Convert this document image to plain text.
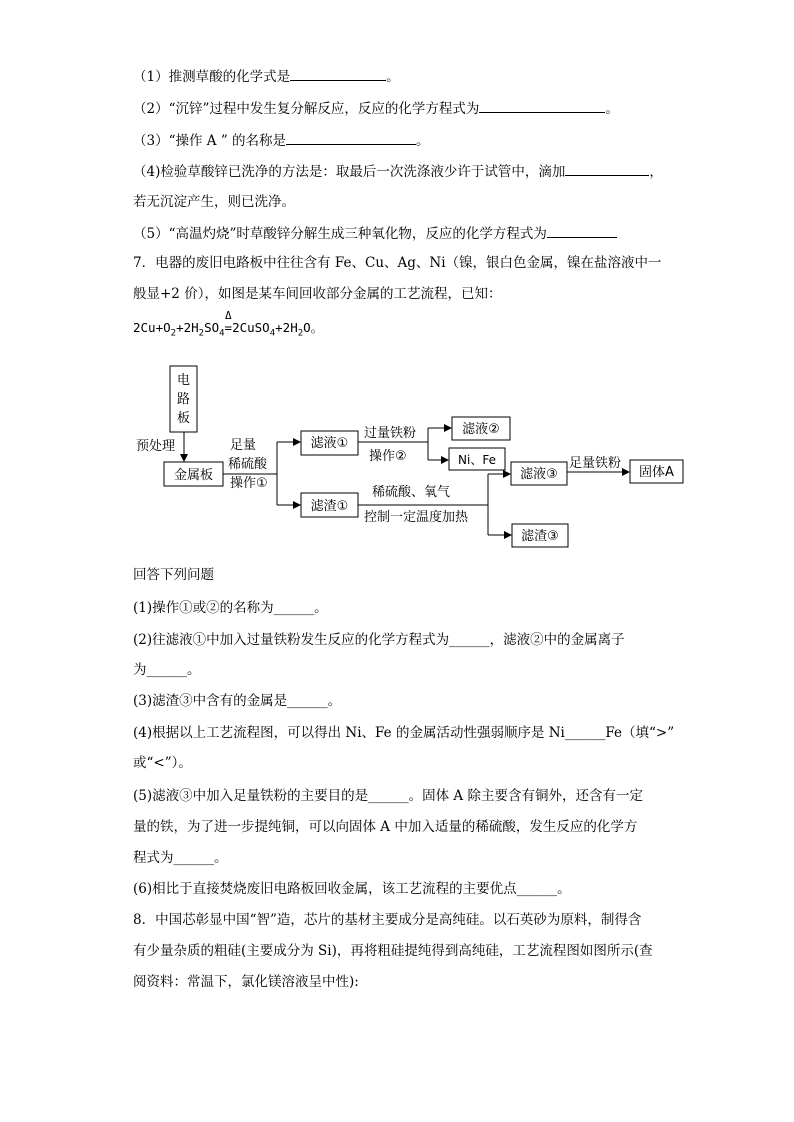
（1）推测草酸的化学式是	。
（2）“沉锌”过程中发生复分解反应，反应的化学方程式为	。
（3）“操作 A ” 的名称是	。
（4)检验草酸锌已洗净的方法是：取最后一次洗涤液少许于试管中，滴加	，
若无沉淀产生，则已洗净。
（5）“高温灼烧”时草酸锌分解生成三种氧化物，反应的化学方程式为
7．电器的废旧电路板中往往含有 Fe、Cu、Ag、Ni（镍，银白色金属，镍在盐溶液中一
般显+2 价），如图是某车间回收部分金属的工艺流程，已知：
$2Cu+O_2+2H_2SO_4$
Δ
$=2CuSO_4+2H_2O$。
电
路
板
预处理
金属板
足量
稀硫酸
操作①
滤液①
滤渣①
过量铁粉
操作②
滤液②
Ni、Fe
稀硫酸、氧气
控制一定温度加热
滤液③
滤渣③
足量铁粉
固体A
回答下列问题
(1)操作①或②的名称为______。
(2)往滤液①中加入过量铁粉发生反应的化学方程式为______，滤液②中的金属离子
为______。
(3)滤渣③中含有的金属是______。
(4)根据以上工艺流程图，可以得出 Ni、Fe 的金属活动性强弱顺序是 Ni______Fe（填“>”
或“<”）。
(5)滤液③中加入足量铁粉的主要目的是______。固体 A 除主要含有铜外，还含有一定
量的铁，为了进一步提纯铜，可以向固体 A 中加入适量的稀硫酸，发生反应的化学方
程式为______。
(6)相比于直接焚烧废旧电路板回收金属，该工艺流程的主要优点______。
8．中国芯彰显中国“智”造，芯片的基材主要成分是高纯硅。以石英砂为原料，制得含
有少量杂质的粗硅(主要成分为 Si)，再将粗硅提纯得到高纯硅，工艺流程图如图所示(查
阅资料：常温下，氯化镁溶液呈中性):
